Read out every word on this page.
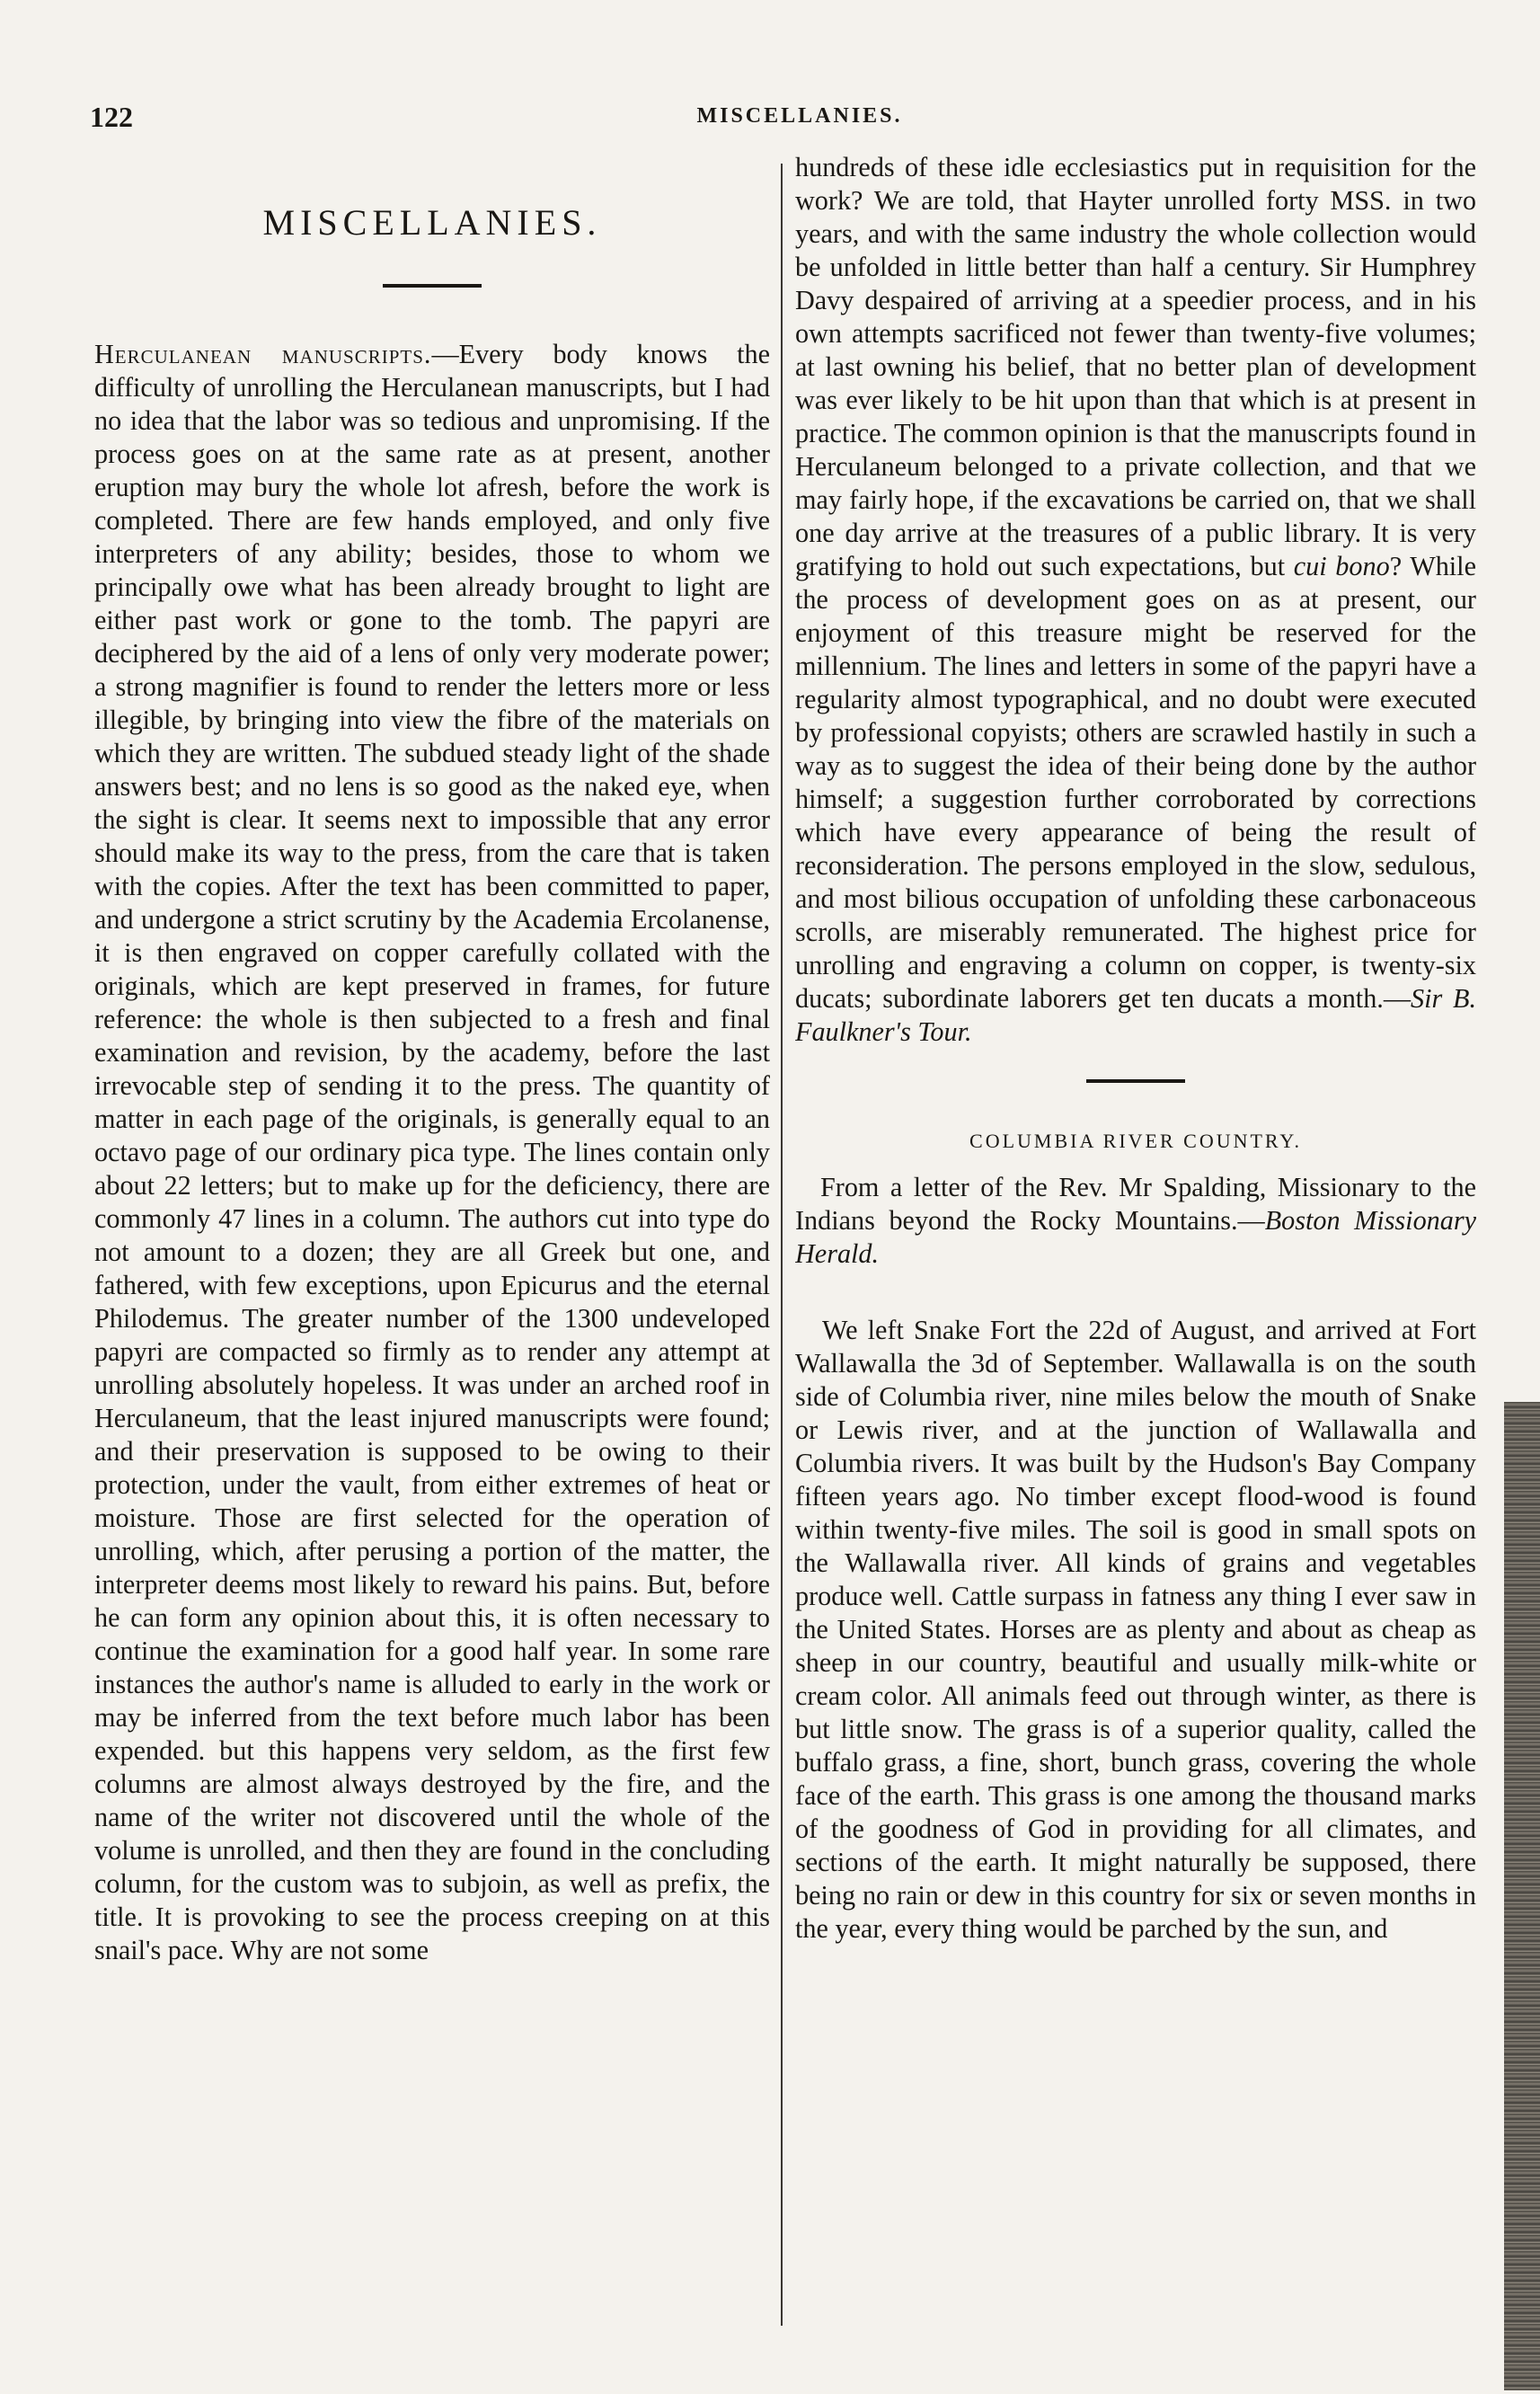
122	MISCELLANIES.
MISCELLANIES.

Herculanean manuscripts.—Every body knows the difficulty of unrolling the Herculanean manuscripts, but I had no idea that the labor was so tedious and unpromising. If the process goes on at the same rate as at present, another eruption may bury the whole lot afresh, before the work is completed. There are few hands employed, and only five interpreters of any ability; besides, those to whom we principally owe what has been already brought to light are either past work or gone to the tomb. The papyri are deciphered by the aid of a lens of only very moderate power; a strong magnifier is found to render the letters more or less illegible, by bringing into view the fibre of the materials on which they are written. The subdued steady light of the shade answers best; and no lens is so good as the naked eye, when the sight is clear. It seems next to impossible that any error should make its way to the press, from the care that is taken with the copies. After the text has been committed to paper, and undergone a strict scrutiny by the Academia Ercolanense, it is then engraved on copper carefully collated with the originals, which are kept preserved in frames, for future reference: the whole is then subjected to a fresh and final examination and revision, by the academy, before the last irrevocable step of sending it to the press. The quantity of matter in each page of the originals, is generally equal to an octavo page of our ordinary pica type. The lines contain only about 22 letters; but to make up for the deficiency, there are commonly 47 lines in a column. The authors cut into type do not amount to a dozen; they are all Greek but one, and fathered, with few exceptions, upon Epicurus and the eternal Philodemus. The greater number of the 1300 undeveloped papyri are compacted so firmly as to render any attempt at unrolling absolutely hopeless. It was under an arched roof in Herculaneum, that the least injured manuscripts were found; and their preservation is supposed to be owing to their protection, under the vault, from either extremes of heat or moisture. Those are first selected for the operation of unrolling, which, after perusing a portion of the matter, the interpreter deems most likely to reward his pains. But, before he can form any opinion about this, it is often necessary to continue the examination for a good half year. In some rare instances the author's name is alluded to early in the work or may be inferred from the text before much labor has been expended. but this happens very seldom, as the first few columns are almost always destroyed by the fire, and the name of the writer not discovered until the whole of the volume is unrolled, and then they are found in the concluding column, for the custom was to subjoin, as well as prefix, the title. It is provoking to see the process creeping on at this snail's pace. Why are not some

hundreds of these idle ecclesiastics put in requisition for the work? We are told, that Hayter unrolled forty MSS. in two years, and with the same industry the whole collection would be unfolded in little better than half a century. Sir Humphrey Davy despaired of arriving at a speedier process, and in his own attempts sacrificed not fewer than twenty-five volumes; at last owning his belief, that no better plan of development was ever likely to be hit upon than that which is at present in practice. The common opinion is that the manuscripts found in Herculaneum belonged to a private collection, and that we may fairly hope, if the excavations be carried on, that we shall one day arrive at the treasures of a public library. It is very gratifying to hold out such expectations, but cui bono? While the process of development goes on as at present, our enjoyment of this treasure might be reserved for the millennium. The lines and letters in some of the papyri have a regularity almost typographical, and no doubt were executed by professional copyists; others are scrawled hastily in such a way as to suggest the idea of their being done by the author himself; a suggestion further corroborated by corrections which have every appearance of being the result of reconsideration. The persons employed in the slow, sedulous, and most bilious occupation of unfolding these carbonaceous scrolls, are miserably remunerated. The highest price for unrolling and engraving a column on copper, is twenty-six ducats; subordinate laborers get ten ducats a month.—Sir B. Faulkner's Tour.

COLUMBIA RIVER COUNTRY.

From a letter of the Rev. Mr Spalding, Missionary to the Indians beyond the Rocky Mountains.—Boston Missionary Herald.

We left Snake Fort the 22d of August, and arrived at Fort Wallawalla the 3d of September. Wallawalla is on the south side of Columbia river, nine miles below the mouth of Snake or Lewis river, and at the junction of Wallawalla and Columbia rivers. It was built by the Hudson's Bay Company fifteen years ago. No timber except flood-wood is found within twenty-five miles. The soil is good in small spots on the Wallawalla river. All kinds of grains and vegetables produce well. Cattle surpass in fatness any thing I ever saw in the United States. Horses are as plenty and about as cheap as sheep in our country, beautiful and usually milk-white or cream color. All animals feed out through winter, as there is but little snow. The grass is of a superior quality, called the buffalo grass, a fine, short, bunch grass, covering the whole face of the earth. This grass is one among the thousand marks of the goodness of God in providing for all climates, and sections of the earth. It might naturally be supposed, there being no rain or dew in this country for six or seven months in the year, every thing would be parched by the sun, and
